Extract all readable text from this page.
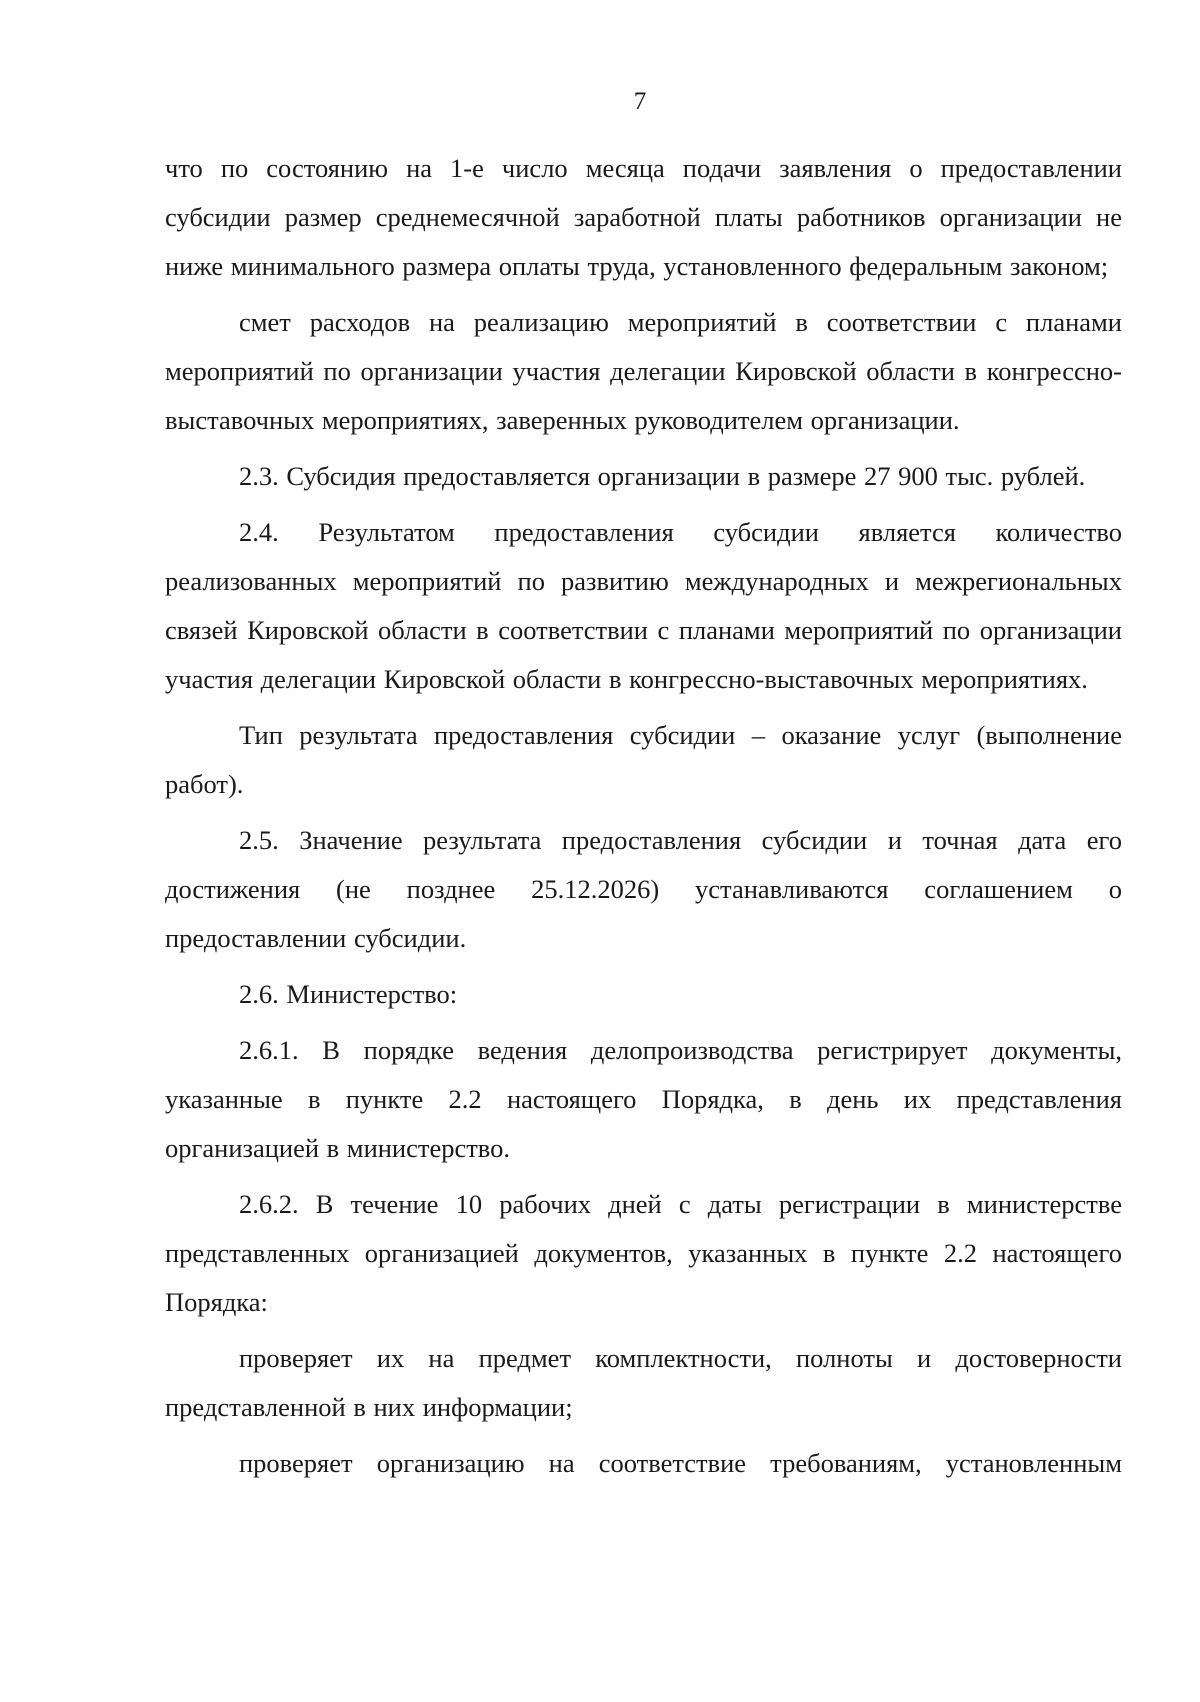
7

что по состоянию на 1-е число месяца подачи заявления о предоставлении субсидии размер среднемесячной заработной платы работников организации не ниже минимального размера оплаты труда, установленного федеральным законом;

смет расходов на реализацию мероприятий в соответствии с планами мероприятий по организации участия делегации Кировской области в конгрессно-выставочных мероприятиях, заверенных руководителем организации.

2.3. Субсидия предоставляется организации в размере 27 900 тыс. рублей.

2.4. Результатом предоставления субсидии является количество реализованных мероприятий по развитию международных и межрегиональных связей Кировской области в соответствии с планами мероприятий по организации участия делегации Кировской области в конгрессно-выставочных мероприятиях.

Тип результата предоставления субсидии – оказание услуг (выполнение работ).

2.5. Значение результата предоставления субсидии и точная дата его достижения (не позднее 25.12.2026) устанавливаются соглашением о предоставлении субсидии.

2.6. Министерство:

2.6.1. В порядке ведения делопроизводства регистрирует документы, указанные в пункте 2.2 настоящего Порядка, в день их представления организацией в министерство.

2.6.2. В течение 10 рабочих дней с даты регистрации в министерстве представленных организацией документов, указанных в пункте 2.2 настоящего Порядка:

проверяет их на предмет комплектности, полноты и достоверности представленной в них информации;

проверяет организацию на соответствие требованиям, установленным
